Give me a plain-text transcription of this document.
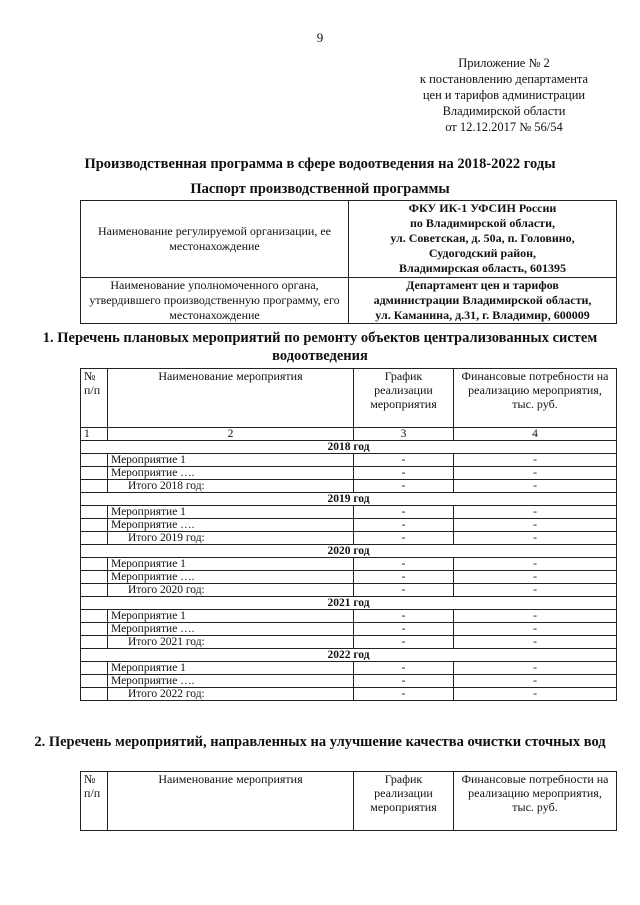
9
Приложение № 2
к постановлению департамента
цен и тарифов администрации
Владимирской области
от 12.12.2017 № 56/54
Производственная программа в сфере водоотведения на 2018-2022 годы
Паспорт производственной программы
Наименование регулируемой организации, ее местонахождение	ФКУ ИК-1 УФСИН России
по Владимирской области,
ул. Советская, д. 50а, п. Головино,
Судогодский район,
Владимирская область, 601395

Наименование уполномоченного органа, утвердившего производственную программу, его местонахождение	Департамент цен и тарифов
администрации Владимирской области,
ул. Каманина, д.31, г. Владимир, 600009
1. Перечень плановых мероприятий по ремонту объектов централизованных систем водоотведения
№ п/п	Наименование мероприятия	График реализации мероприятия	Финансовые потребности на реализацию мероприятия, тыс. руб.
1	2	3	4
2018 год			
	Мероприятие 1	-	-
	Мероприятие ….	-	-
	Итого 2018 год:	-	-
2019 год			
	Мероприятие 1	-	-
	Мероприятие ….	-	-
	Итого 2019 год:	-	-
2020 год			
	Мероприятие 1	-	-
	Мероприятие ….	-	-
	Итого 2020 год:	-	-
2021 год			
	Мероприятие 1	-	-
	Мероприятие ….	-	-
	Итого 2021 год:	-	-
2022 год			
	Мероприятие 1	-	-
	Мероприятие ….	-	-
	Итого 2022 год:	-	-
2. Перечень мероприятий, направленных на улучшение качества очистки сточных вод
№ п/п	Наименование мероприятия	График реализации мероприятия	Финансовые потребности на реализацию мероприятия, тыс. руб.
